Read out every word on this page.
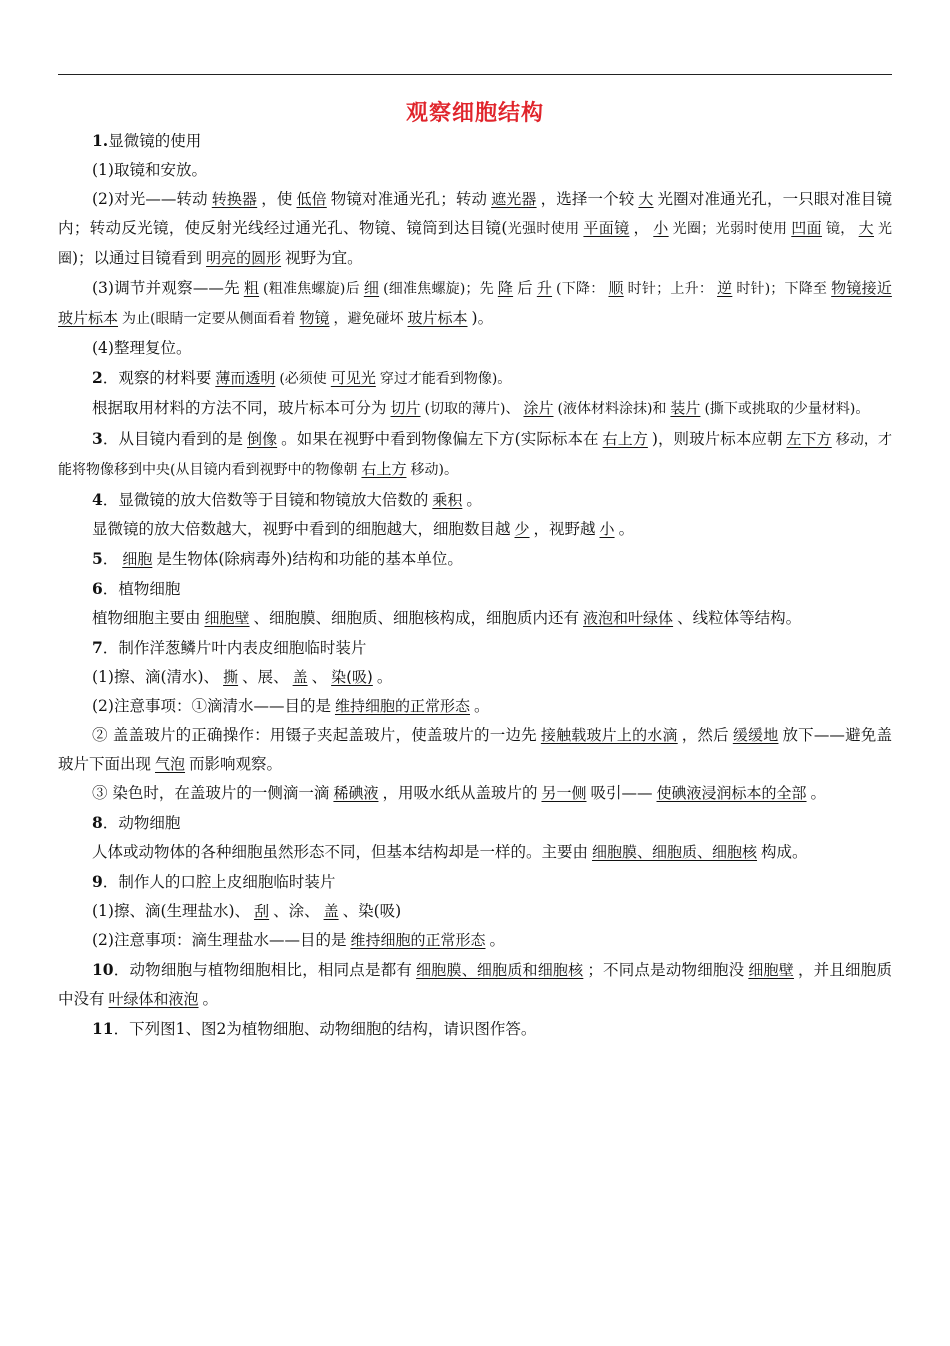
观察细胞结构

1.显微镜的使用

(1)取镜和安放。

(2)对光——转动 转换器 ，使 低倍 物镜对准通光孔；转动 遮光器 ，选择一个较 大 光圈对准通光孔，一只眼对准目镜内；转动反光镜，使反射光线经过通光孔、物镜、镜筒到达目镜(光强时使用 平面镜 ， 小 光圈；光弱时使用 凹面 镜， 大 光圈)；以通过目镜看到 明亮的圆形 视野为宜。

(3)调节并观察——先 粗 (粗准焦螺旋)后 细 (细准焦螺旋)；先 降 后 升 (下降： 顺 时针；上升： 逆 时针)；下降至 物镜接近玻片标本 为止(眼睛一定要从侧面看着 物镜 ，避免碰坏 玻片标本 )。

(4)整理复位。

2．观察的材料要 薄而透明 (必须使 可见光 穿过才能看到物像)。

根据取用材料的方法不同，玻片标本可分为 切片 (切取的薄片)、 涂片 (液体材料涂抹)和 装片 (撕下或挑取的少量材料)。

3．从目镜内看到的是 倒像 。如果在视野中看到物像偏左下方(实际标本在 右上方 )，则玻片标本应朝 左下方 移动，才能将物像移到中央(从目镜内看到视野中的物像朝 右上方 移动)。

4．显微镜的放大倍数等于目镜和物镜放大倍数的 乘积 。

显微镜的放大倍数越大，视野中看到的细胞越大，细胞数目越 少 ，视野越 小 。

5． 细胞 是生物体(除病毒外)结构和功能的基本单位。

6．植物细胞

植物细胞主要由 细胞壁 、细胞膜、细胞质、细胞核构成，细胞质内还有 液泡和叶绿体 、线粒体等结构。

7．制作洋葱鳞片叶内表皮细胞临时装片

(1)擦、滴(清水)、 撕 、展、 盖 、 染(吸) 。

(2)注意事项：①滴清水——目的是 维持细胞的正常形态 。

② 盖盖玻片的正确操作：用镊子夹起盖玻片，使盖玻片的一边先 接触载玻片上的水滴 ，然后 缓缓地 放下——避免盖玻片下面出现 气泡 而影响观察。

③ 染色时，在盖玻片的一侧滴一滴 稀碘液 ，用吸水纸从盖玻片的 另一侧 吸引—— 使碘液浸润标本的全部 。

8．动物细胞

人体或动物体的各种细胞虽然形态不同，但基本结构却是一样的。主要由 细胞膜、细胞质、细胞核 构成。

9．制作人的口腔上皮细胞临时装片

(1)擦、滴(生理盐水)、 刮 、涂、 盖 、染(吸)

(2)注意事项：滴生理盐水——目的是 维持细胞的正常形态 。

10．动物细胞与植物细胞相比，相同点是都有 细胞膜、细胞质和细胞核 ；不同点是动物细胞没 细胞壁 ，并且细胞质中没有 叶绿体和液泡 。

11．下列图1、图2为植物细胞、动物细胞的结构，请识图作答。
